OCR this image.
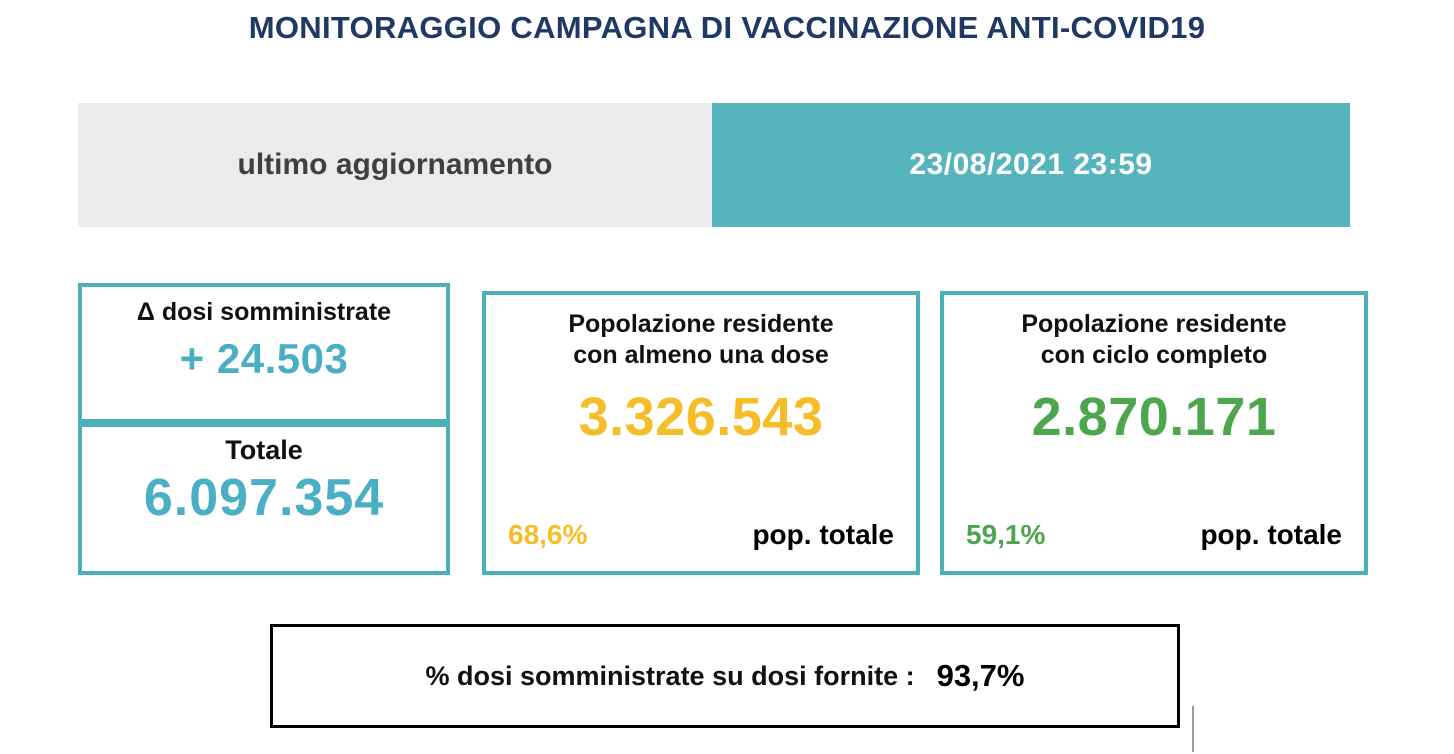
MONITORAGGIO CAMPAGNA DI VACCINAZIONE ANTI-COVID19
ultimo aggiornamento	23/08/2021 23:59
Δ dosi somministrate
+ 24.503
Totale
6.097.354
Popolazione residente
con almeno una dose
3.326.543
68,6%	pop. totale
Popolazione residente
con ciclo completo
2.870.171
59,1%	pop. totale
% dosi somministrate su dosi fornite : 93,7%
